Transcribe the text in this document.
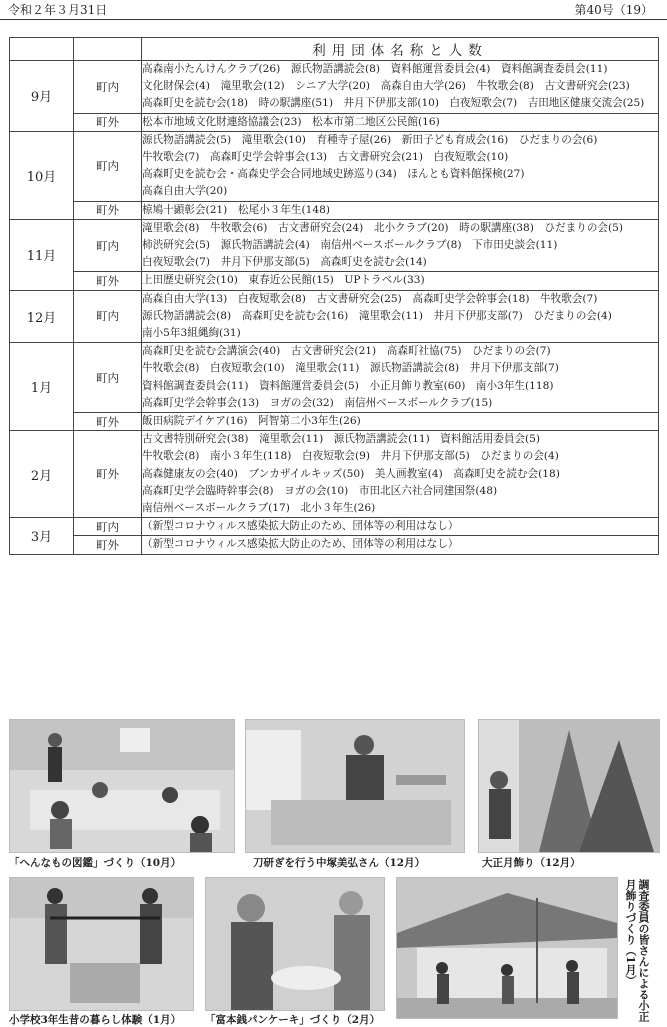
令和２年３月31日	第40号（19）
		利用団体名称と人数
9月	町内	高森南小たんけんクラブ(26)　源氏物語講読会(8)　資料館運営委員会(4)　資料館調査委員会(11)
文化財保会(4)　滝里歌会(12)　シニア大学(20)　高森自由大学(26)　牛牧歌会(8)　古文書研究会(23)
高森町史を読む会(18)　時の駅講座(51)　井月下伊那支部(10)　白夜短歌会(7)　吉田地区健康交流会(25)

	町外	松本市地域文化財連絡協議会(23)　松本市第二地区公民館(16)

10月	町内	源氏物語講読会(5)　滝里歌会(10)　育種寺子屋(26)　新田子ども育成会(16)　ひだまりの会(6)
牛牧歌会(7)　高森町史学会幹事会(13)　古文書研究会(21)　白夜短歌会(10)
高森町史を読む会・高森史学会合同地域史跡巡り(34)　ほんとも資料館探検(27)
高森自由大学(20)

	町外	椋鳩十顕彰会(21)　松尾小３年生(148)

11月	町内	滝里歌会(8)　牛牧歌会(6)　古文書研究会(24)　北小クラブ(20)　時の駅講座(38)　ひだまりの会(5)
柿渋研究会(5)　源氏物語講読会(4)　南信州ベースボールクラブ(8)　下市田史談会(11)
白夜短歌会(7)　井月下伊那支部(5)　高森町史を読む会(14)

	町外	上田歴史研究会(10)　東春近公民館(15)　UPトラベル(33)

12月	町内	高森自由大学(13)　白夜短歌会(8)　古文書研究会(25)　高森町史学会幹事会(18)　牛牧歌会(7)
源氏物語講読会(8)　高森町史を読む会(16)　滝里歌会(11)　井月下伊那支部(7)　ひだまりの会(4)
南小5年3組縄絢(31)

1月	町内	高森町史を読む会講演会(40)　古文書研究会(21)　高森町社協(75)　ひだまりの会(7)
牛牧歌会(8)　白夜短歌会(10)　滝里歌会(11)　源氏物語講読会(8)　井月下伊那支部(7)
資料館調査委員会(11)　資料館運営委員会(5)　小正月飾り教室(60)　南小3年生(118)
高森町史学会幹事会(13)　ヨガの会(32)　南信州ベースボールクラブ(15)

	町外	飯田病院デイケア(16)　阿智第二小3年生(26)

2月	町外	古文書特別研究会(38)　滝里歌会(11)　源氏物語講読会(11)　資料館活用委員会(5)
牛牧歌会(8)　南小３年生(118)　白夜短歌会(9)　井月下伊那支部(5)　ひだまりの会(4)
高森健康友の会(40)　ブンカザイルキッズ(50)　美人画教室(4)　高森町史を読む会(18)
高森町史学会臨時幹事会(8)　ヨガの会(10)　市田北区六社合同建国祭(48)
南信州ベースボールクラブ(17)　北小３年生(26)

3月	町内	（新型コロナウィルス感染拡大防止のため、団体等の利用はなし）

	町外	（新型コロナウィルス感染拡大防止のため、団体等の利用はなし）
「へんなもの図鑑」づくり（10月）	刀研ぎを行う中塚美弘さん（12月）	大正月飾り（12月）
小学校3年生昔の暮らし体験（1月） 「富本銭パンケーキ」づくり（2月）	調査委員の皆さんによる小正月飾りづくり（1月）
